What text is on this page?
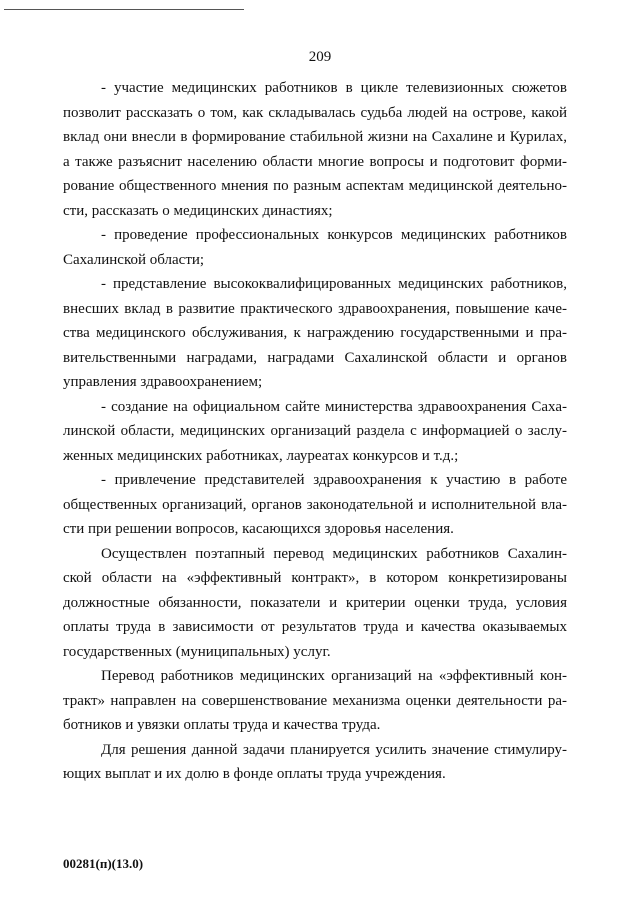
209
- участие медицинских работников в цикле телевизионных сюжетов
позволит рассказать о том, как складывалась судьба людей на острове, какой
вклад они внесли в формирование стабильной жизни на Сахалине и Курилах,
а также разъяснит населению области многие вопросы и подготовит форми-
рование общественного мнения по разным аспектам медицинской деятельно-
сти, рассказать о медицинских династиях;
- проведение профессиональных конкурсов медицинских работников
Сахалинской области;
- представление высококвалифицированных медицинских работников,
внесших вклад в развитие практического здравоохранения, повышение каче-
ства медицинского обслуживания, к награждению государственными и пра-
вительственными наградами, наградами Сахалинской области и органов
управления здравоохранением;
- создание на официальном сайте министерства здравоохранения Саха-
линской области, медицинских организаций раздела с информацией о заслу-
женных медицинских работниках, лауреатах конкурсов и т.д.;
- привлечение представителей здравоохранения к участию в работе
общественных организаций, органов законодательной и исполнительной вла-
сти при решении вопросов, касающихся здоровья населения.
Осуществлен поэтапный перевод медицинских работников Сахалин-
ской области на «эффективный контракт», в котором конкретизированы
должностные обязанности, показатели и критерии оценки труда, условия
оплаты труда в зависимости от результатов труда и качества оказываемых
государственных (муниципальных) услуг.
Перевод работников медицинских организаций на «эффективный кон-
тракт» направлен на совершенствование механизма оценки деятельности ра-
ботников и увязки оплаты труда и качества труда.
Для решения данной задачи планируется усилить значение стимулиру-
ющих выплат и их долю в фонде оплаты труда учреждения.
00281(п)(13.0)
